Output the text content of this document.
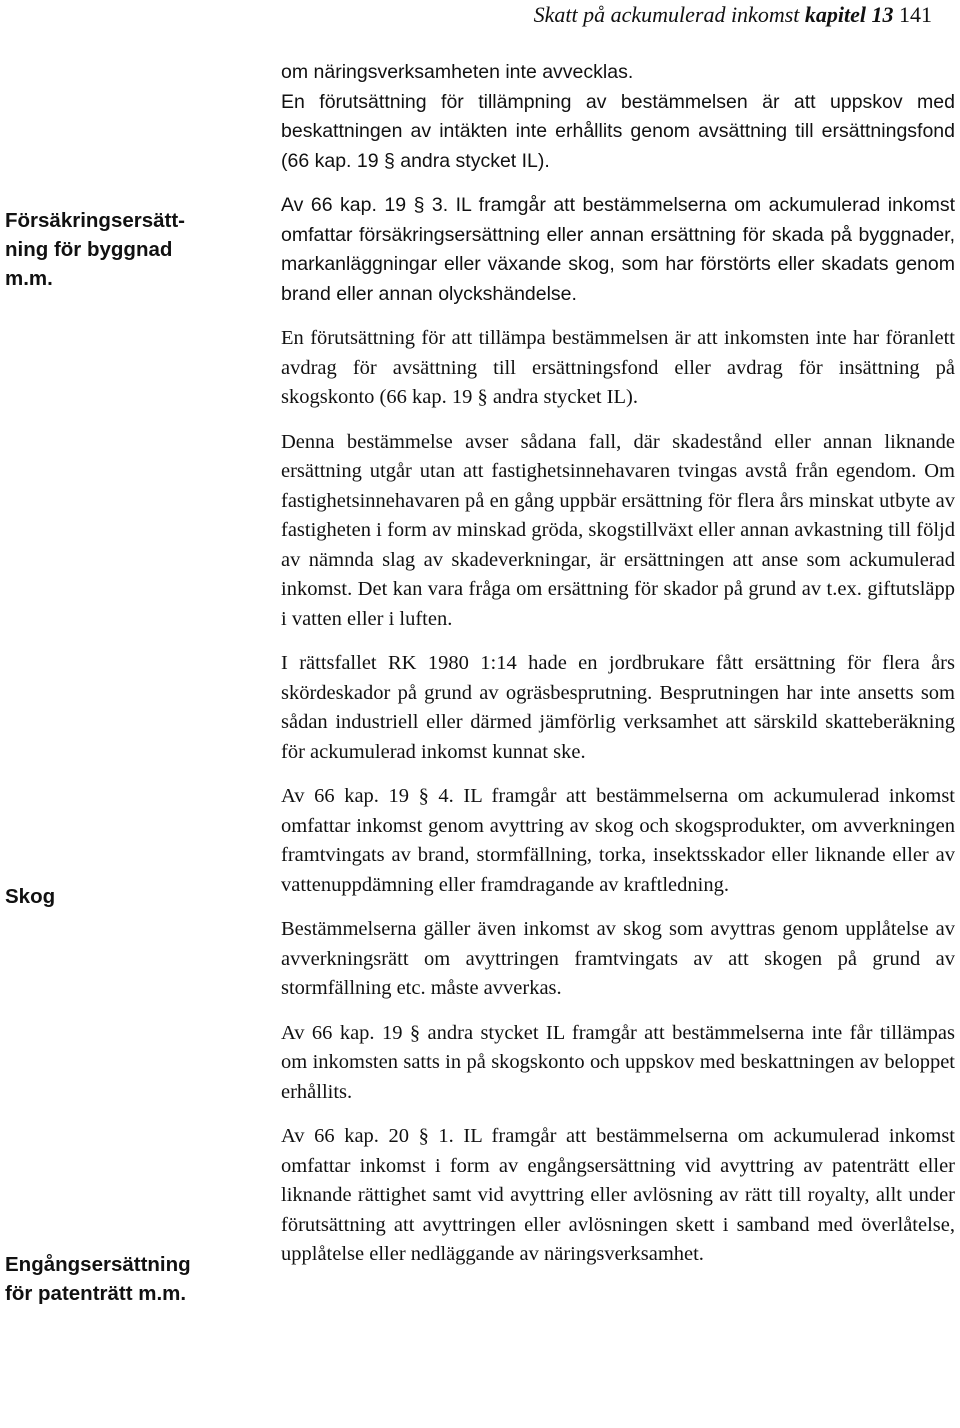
Skatt på ackumulerad inkomst kapitel 13 141
Försäkringsersätt-
ning för byggnad
m.m.
Skog
Engångsersättning
för patenträtt m.m.

om näringsverksamheten inte avvecklas.

En förutsättning för tillämpning av bestämmelsen är att uppskov med beskattningen av intäkten inte erhållits genom avsättning till ersättningsfond (66 kap. 19 § andra stycket IL).

Av 66 kap. 19 § 3. IL framgår att bestämmelserna om ackumulerad inkomst omfattar försäkringsersättning eller annan ersättning för skada på byggnader, markanläggningar eller växande skog, som har förstörts eller skadats genom brand eller annan olyckshändelse.

En förutsättning för att tillämpa bestämmelsen är att inkomsten inte har föranlett avdrag för avsättning till ersättningsfond eller avdrag för insättning på skogskonto (66 kap. 19 § andra stycket IL).

Denna bestämmelse avser sådana fall, där skadestånd eller annan liknande ersättning utgår utan att fastighetsinnehavaren tvingas avstå från egendom. Om fastighetsinnehavaren på en gång uppbär ersättning för flera års minskat utbyte av fastigheten i form av minskad gröda, skogstillväxt eller annan avkastning till följd av nämnda slag av skadeverkningar, är ersättningen att anse som ackumulerad inkomst. Det kan vara fråga om ersättning för skador på grund av t.ex. giftutsläpp i vatten eller i luften.

I rättsfallet RK 1980 1:14 hade en jordbrukare fått ersättning för flera års skördeskador på grund av ogräsbesprutning. Besprutningen har inte ansetts som sådan industriell eller därmed jämförlig verksamhet att särskild skatteberäkning för ackumulerad inkomst kunnat ske.

Av 66 kap. 19 § 4. IL framgår att bestämmelserna om ackumulerad inkomst omfattar inkomst genom avyttring av skog och skogsprodukter, om avverkningen framtvingats av brand, stormfällning, torka, insektsskador eller liknande eller av vattenuppdämning eller framdragande av kraftledning.

Bestämmelserna gäller även inkomst av skog som avyttras genom upplåtelse av avverkningsrätt om avyttringen framtvingats av att skogen på grund av stormfällning etc. måste avverkas.

Av 66 kap. 19 § andra stycket IL framgår att bestämmelserna inte får tillämpas om inkomsten satts in på skogskonto och uppskov med beskattningen av beloppet erhållits.

Av 66 kap. 20 § 1. IL framgår att bestämmelserna om ackumulerad inkomst omfattar inkomst i form av engångsersättning vid avyttring av patenträtt eller liknande rättighet samt vid avyttring eller avlösning av rätt till royalty, allt under förutsättning att avyttringen eller avlösningen skett i samband med överlåtelse, upplåtelse eller nedläggande av näringsverksamhet.
